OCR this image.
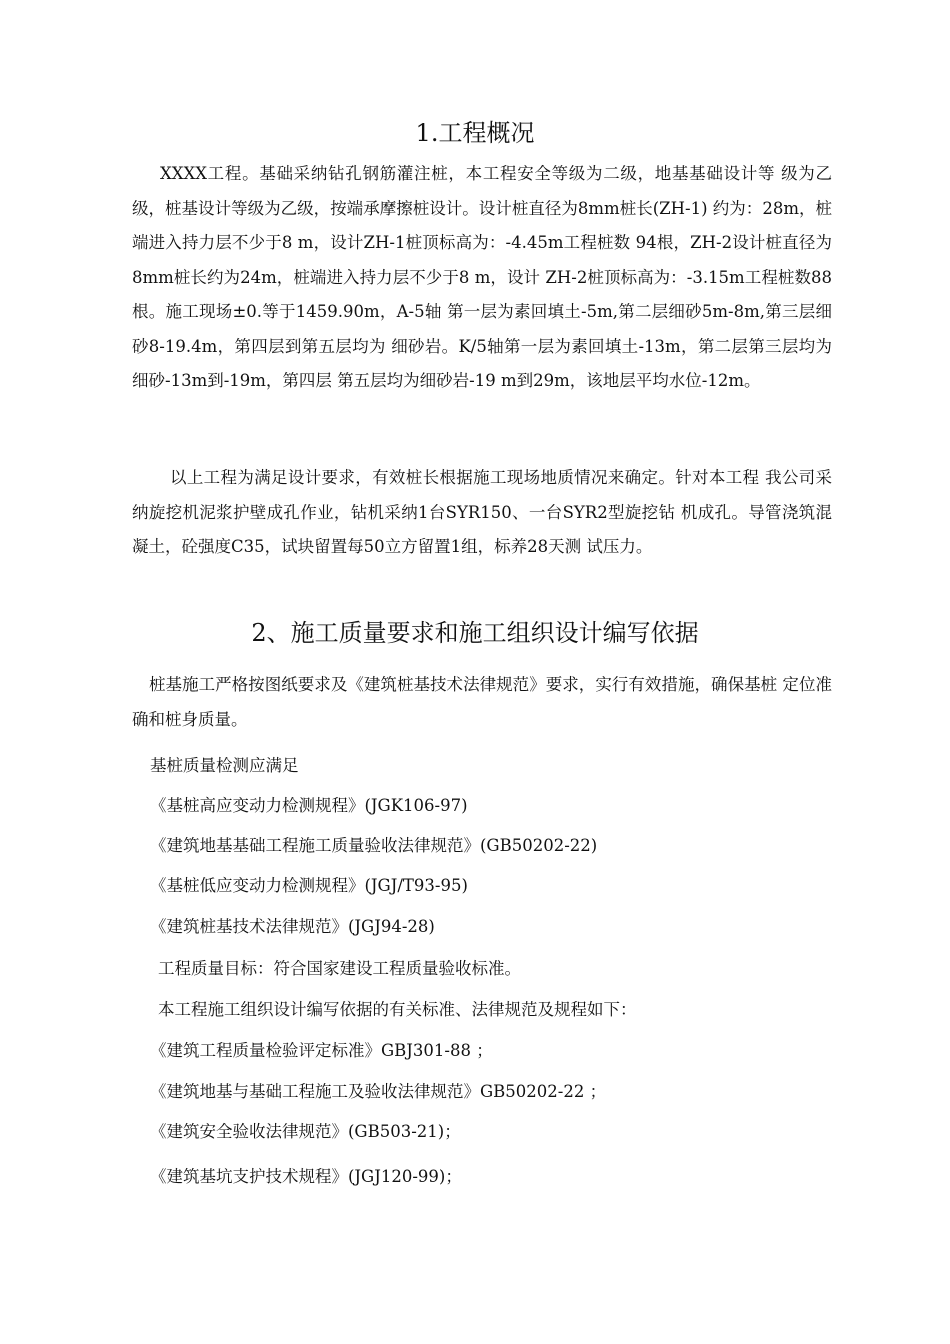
1.工程概况
XXXX工程。基础采纳钻孔钢筋灌注桩，本工程安全等级为二级，地基基础设计等 级为乙级，桩基设计等级为乙级，按端承摩擦桩设计。设计桩直径为8mm桩长(ZH-1) 约为：28m，桩端进入持力层不少于8 m，设计ZH-1桩顶标高为：-4.45m工程桩数 94根，ZH-2设计桩直径为8mm桩长约为24m，桩端进入持力层不少于8 m，设计 ZH-2桩顶标高为：-3.15m工程桩数88根。施工现场±0.等于1459.90m，A-5轴 第一层为素回填土-5m,第二层细砂5m-8m,第三层细砂8-19.4m，第四层到第五层均为 细砂岩。K/5轴第一层为素回填土-13m，第二层第三层均为细砂-13m到-19m，第四层 第五层均为细砂岩-19 m到29m，该地层平均水位-12m。
以上工程为满足设计要求，有效桩长根据施工现场地质情况来确定。针对本工程 我公司采纳旋挖机泥浆护壁成孔作业，钻机采纳1台SYR150、一台SYR2型旋挖钻 机成孔。导管浇筑混凝土，砼强度C35，试块留置每50立方留置1组，标养28天测 试压力。
2、施工质量要求和施工组织设计编写依据
桩基施工严格按图纸要求及《建筑桩基技术法律规范》要求，实行有效措施，确保基桩 定位准确和桩身质量。
基桩质量检测应满足
《基桩高应变动力检测规程》(JGK106-97)
《建筑地基基础工程施工质量验收法律规范》(GB50202-22)
《基桩低应变动力检测规程》(JGJ/T93-95)
《建筑桩基技术法律规范》(JGJ94-28)
工程质量目标：符合国家建设工程质量验收标准。
本工程施工组织设计编写依据的有关标准、法律规范及规程如下：
《建筑工程质量检验评定标准》GBJ301-88 ；
《建筑地基与基础工程施工及验收法律规范》GB50202-22 ；
《建筑安全验收法律规范》(GB503-21)；
《建筑基坑支护技术规程》(JGJ120-99)；
